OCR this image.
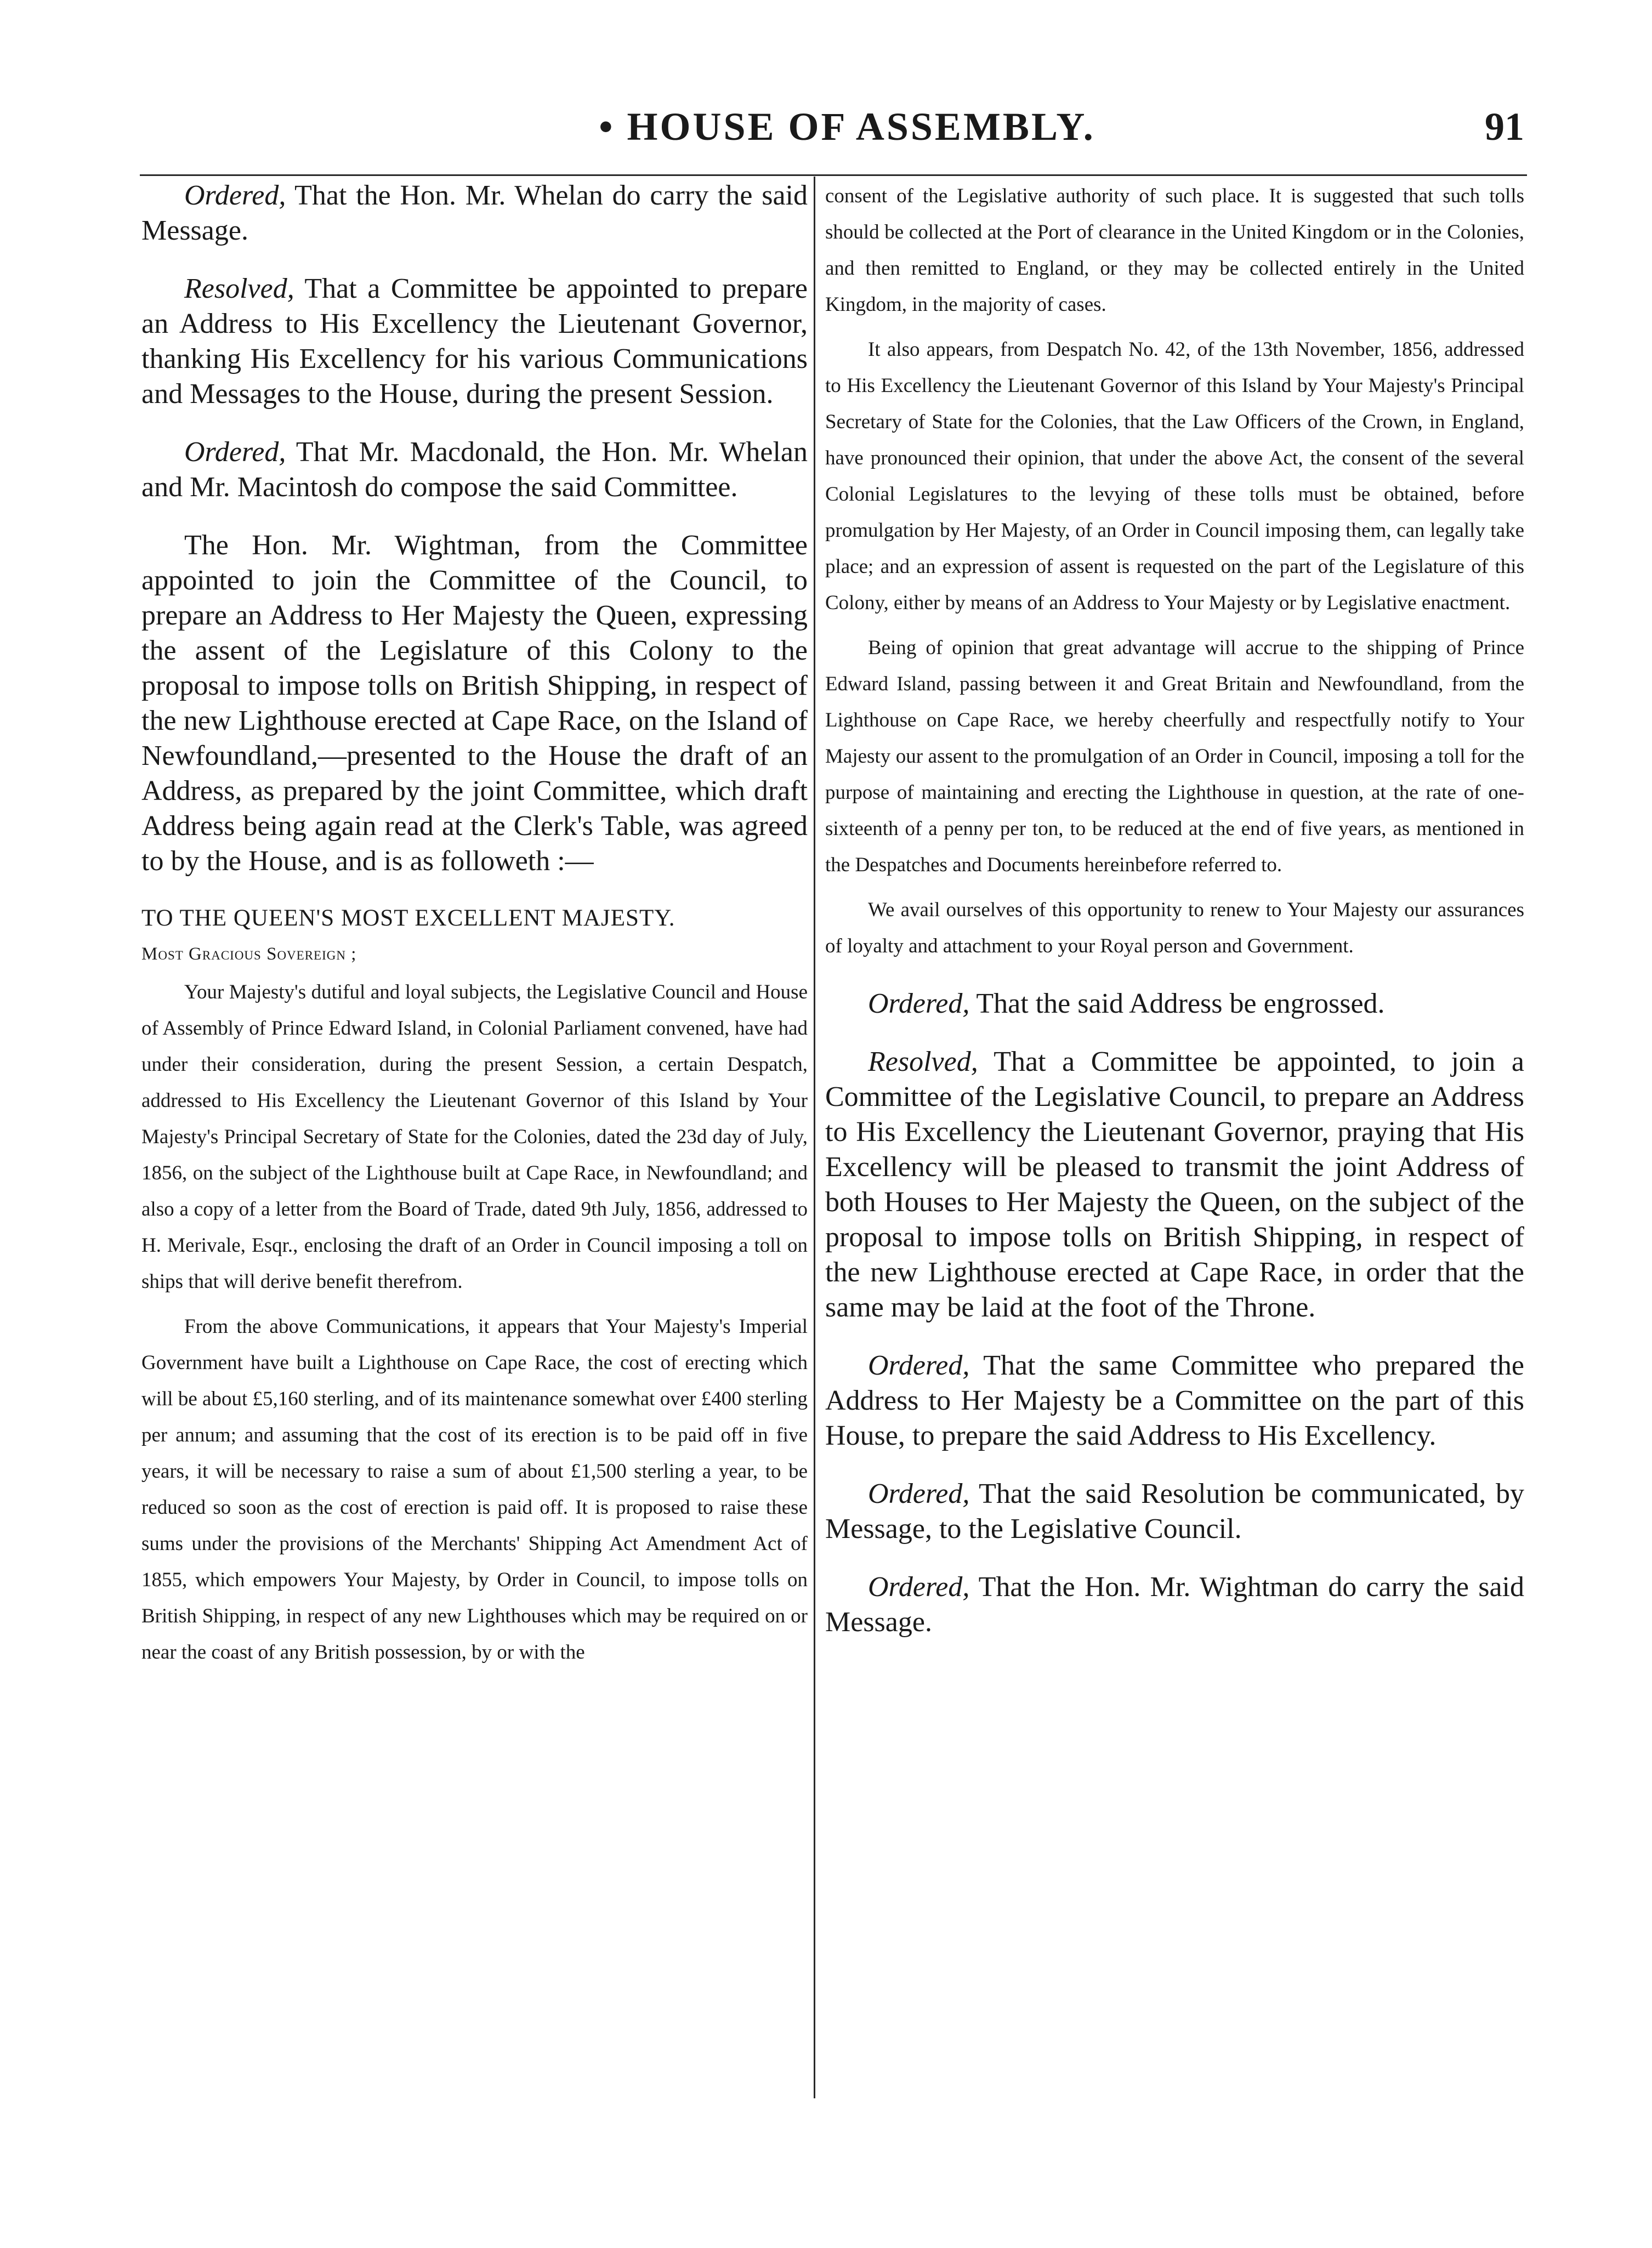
• HOUSE OF ASSEMBLY.	91

Ordered, That the Hon. Mr. Whelan do carry the said Message.

Resolved, That a Committee be appointed to prepare an Address to His Excellency the Lieutenant Governor, thanking His Excellency for his various Communications and Messages to the House, during the present Session.

Ordered, That Mr. Macdonald, the Hon. Mr. Whelan and Mr. Macintosh do compose the said Committee.

The Hon. Mr. Wightman, from the Committee appointed to join the Committee of the Council, to prepare an Address to Her Majesty the Queen, expressing the assent of the Legislature of this Colony to the proposal to impose tolls on British Shipping, in respect of the new Lighthouse erected at Cape Race, on the Island of Newfoundland,—presented to the House the draft of an Address, as prepared by the joint Committee, which draft Address being again read at the Clerk's Table, was agreed to by the House, and is as followeth :—

TO THE QUEEN'S MOST EXCELLENT MAJESTY.
Most Gracious Sovereign ;

Your Majesty's dutiful and loyal subjects, the Legislative Council and House of Assembly of Prince Edward Island, in Colonial Parliament convened, have had under their consideration, during the present Session, a certain Despatch, addressed to His Excellency the Lieutenant Governor of this Island by Your Majesty's Principal Secretary of State for the Colonies, dated the 23d day of July, 1856, on the subject of the Lighthouse built at Cape Race, in Newfoundland; and also a copy of a letter from the Board of Trade, dated 9th July, 1856, addressed to H. Merivale, Esqr., enclosing the draft of an Order in Council imposing a toll on ships that will derive benefit therefrom.

From the above Communications, it appears that Your Majesty's Imperial Government have built a Lighthouse on Cape Race, the cost of erecting which will be about £5,160 sterling, and of its maintenance somewhat over £400 sterling per annum; and assuming that the cost of its erection is to be paid off in five years, it will be necessary to raise a sum of about £1,500 sterling a year, to be reduced so soon as the cost of erection is paid off. It is proposed to raise these sums under the provisions of the Merchants' Shipping Act Amendment Act of 1855, which empowers Your Majesty, by Order in Council, to impose tolls on British Shipping, in respect of any new Lighthouses which may be required on or near the coast of any British possession, by or with the

consent of the Legislative authority of such place. It is suggested that such tolls should be collected at the Port of clearance in the United Kingdom or in the Colonies, and then remitted to England, or they may be collected entirely in the United Kingdom, in the majority of cases.

It also appears, from Despatch No. 42, of the 13th November, 1856, addressed to His Excellency the Lieutenant Governor of this Island by Your Majesty's Principal Secretary of State for the Colonies, that the Law Officers of the Crown, in England, have pronounced their opinion, that under the above Act, the consent of the several Colonial Legislatures to the levying of these tolls must be obtained, before promulgation by Her Majesty, of an Order in Council imposing them, can legally take place; and an expression of assent is requested on the part of the Legislature of this Colony, either by means of an Address to Your Majesty or by Legislative enactment.

Being of opinion that great advantage will accrue to the shipping of Prince Edward Island, passing between it and Great Britain and Newfoundland, from the Lighthouse on Cape Race, we hereby cheerfully and respectfully notify to Your Majesty our assent to the promulgation of an Order in Council, imposing a toll for the purpose of maintaining and erecting the Lighthouse in question, at the rate of one-sixteenth of a penny per ton, to be reduced at the end of five years, as mentioned in the Despatches and Documents hereinbefore referred to.

We avail ourselves of this opportunity to renew to Your Majesty our assurances of loyalty and attachment to your Royal person and Government.

Ordered, That the said Address be engrossed.

Resolved, That a Committee be appointed, to join a Committee of the Legislative Council, to prepare an Address to His Excellency the Lieutenant Governor, praying that His Excellency will be pleased to transmit the joint Address of both Houses to Her Majesty the Queen, on the subject of the proposal to impose tolls on British Shipping, in respect of the new Lighthouse erected at Cape Race, in order that the same may be laid at the foot of the Throne.

Ordered, That the same Committee who prepared the Address to Her Majesty be a Committee on the part of this House, to prepare the said Address to His Excellency.

Ordered, That the said Resolution be communicated, by Message, to the Legislative Council.

Ordered, That the Hon. Mr. Wightman do carry the said Message.
